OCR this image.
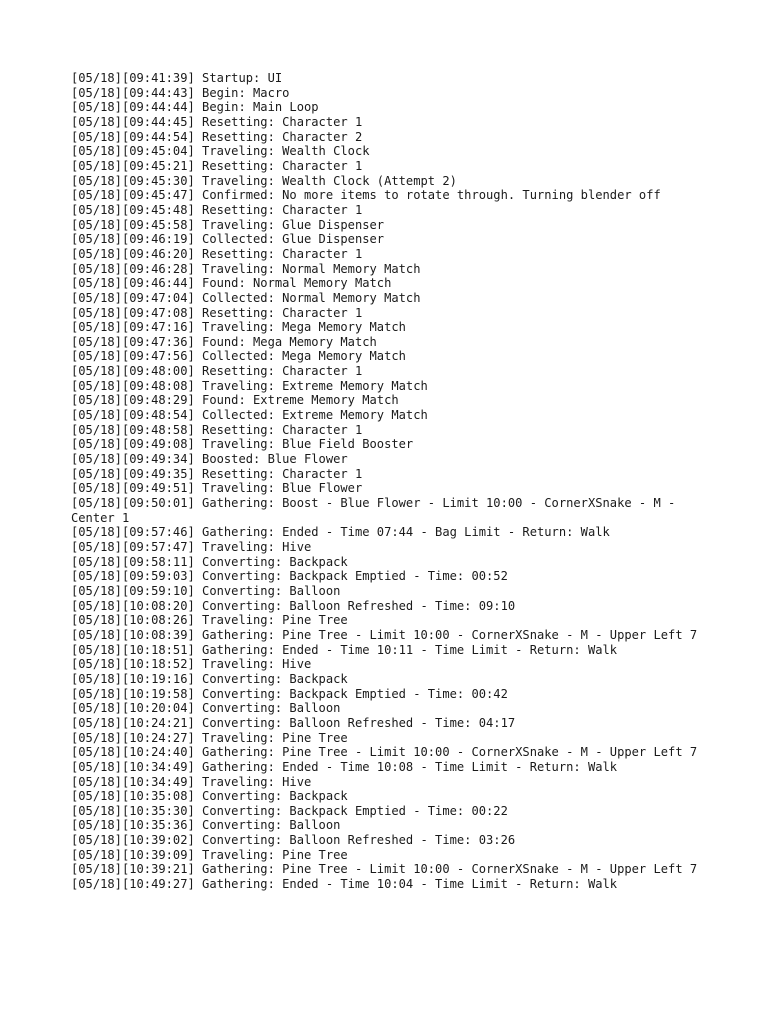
[05/18][09:41:39] Startup: UI
[05/18][09:44:43] Begin: Macro
[05/18][09:44:44] Begin: Main Loop
[05/18][09:44:45] Resetting: Character 1
[05/18][09:44:54] Resetting: Character 2
[05/18][09:45:04] Traveling: Wealth Clock
[05/18][09:45:21] Resetting: Character 1
[05/18][09:45:30] Traveling: Wealth Clock (Attempt 2)
[05/18][09:45:47] Confirmed: No more items to rotate through. Turning blender off
[05/18][09:45:48] Resetting: Character 1
[05/18][09:45:58] Traveling: Glue Dispenser
[05/18][09:46:19] Collected: Glue Dispenser
[05/18][09:46:20] Resetting: Character 1
[05/18][09:46:28] Traveling: Normal Memory Match
[05/18][09:46:44] Found: Normal Memory Match
[05/18][09:47:04] Collected: Normal Memory Match
[05/18][09:47:08] Resetting: Character 1
[05/18][09:47:16] Traveling: Mega Memory Match
[05/18][09:47:36] Found: Mega Memory Match
[05/18][09:47:56] Collected: Mega Memory Match
[05/18][09:48:00] Resetting: Character 1
[05/18][09:48:08] Traveling: Extreme Memory Match
[05/18][09:48:29] Found: Extreme Memory Match
[05/18][09:48:54] Collected: Extreme Memory Match
[05/18][09:48:58] Resetting: Character 1
[05/18][09:49:08] Traveling: Blue Field Booster
[05/18][09:49:34] Boosted: Blue Flower
[05/18][09:49:35] Resetting: Character 1
[05/18][09:49:51] Traveling: Blue Flower
[05/18][09:50:01] Gathering: Boost - Blue Flower - Limit 10:00 - CornerXSnake - M - Center 1
[05/18][09:57:46] Gathering: Ended - Time 07:44 - Bag Limit - Return: Walk
[05/18][09:57:47] Traveling: Hive
[05/18][09:58:11] Converting: Backpack
[05/18][09:59:03] Converting: Backpack Emptied - Time: 00:52
[05/18][09:59:10] Converting: Balloon
[05/18][10:08:20] Converting: Balloon Refreshed - Time: 09:10
[05/18][10:08:26] Traveling: Pine Tree
[05/18][10:08:39] Gathering: Pine Tree - Limit 10:00 - CornerXSnake - M - Upper Left 7
[05/18][10:18:51] Gathering: Ended - Time 10:11 - Time Limit - Return: Walk
[05/18][10:18:52] Traveling: Hive
[05/18][10:19:16] Converting: Backpack
[05/18][10:19:58] Converting: Backpack Emptied - Time: 00:42
[05/18][10:20:04] Converting: Balloon
[05/18][10:24:21] Converting: Balloon Refreshed - Time: 04:17
[05/18][10:24:27] Traveling: Pine Tree
[05/18][10:24:40] Gathering: Pine Tree - Limit 10:00 - CornerXSnake - M - Upper Left 7
[05/18][10:34:49] Gathering: Ended - Time 10:08 - Time Limit - Return: Walk
[05/18][10:34:49] Traveling: Hive
[05/18][10:35:08] Converting: Backpack
[05/18][10:35:30] Converting: Backpack Emptied - Time: 00:22
[05/18][10:35:36] Converting: Balloon
[05/18][10:39:02] Converting: Balloon Refreshed - Time: 03:26
[05/18][10:39:09] Traveling: Pine Tree
[05/18][10:39:21] Gathering: Pine Tree - Limit 10:00 - CornerXSnake - M - Upper Left 7
[05/18][10:49:27] Gathering: Ended - Time 10:04 - Time Limit - Return: Walk
